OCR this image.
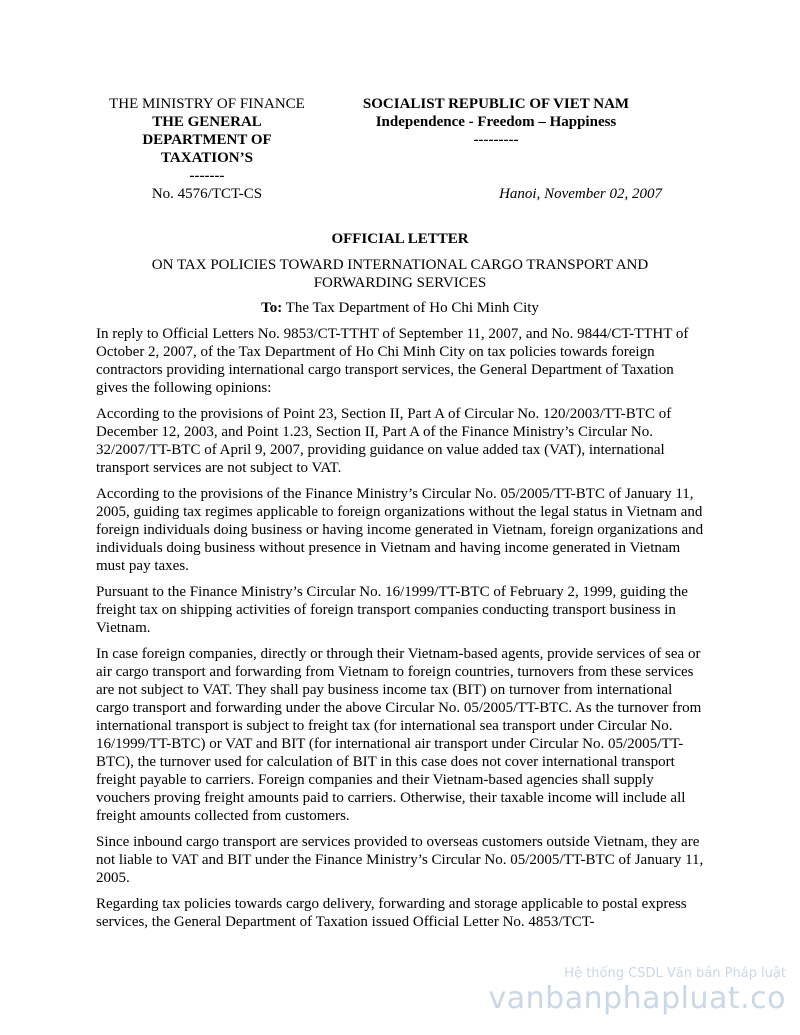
THE MINISTRY OF FINANCE
THE GENERAL
DEPARTMENT OF
TAXATION’S
-------
SOCIALIST REPUBLIC OF VIET NAM
Independence - Freedom – Happiness
---------
No. 4576/TCT-CS	Hanoi, November 02, 2007
OFFICIAL LETTER
ON TAX POLICIES TOWARD INTERNATIONAL CARGO TRANSPORT AND FORWARDING SERVICES
To: The Tax Department of Ho Chi Minh City

In reply to Official Letters No. 9853/CT-TTHT of September 11, 2007, and No. 9844/CT-TTHT of October 2, 2007, of the Tax Department of Ho Chi Minh City on tax policies towards foreign contractors providing international cargo transport services, the General Department of Taxation gives the following opinions:

According to the provisions of Point 23, Section II, Part A of Circular No. 120/2003/TT-BTC of December 12, 2003, and Point 1.23, Section II, Part A of the Finance Ministry’s Circular No. 32/2007/TT-BTC of April 9, 2007, providing guidance on value added tax (VAT), international transport services are not subject to VAT.

According to the provisions of the Finance Ministry’s Circular No. 05/2005/TT-BTC of January 11, 2005, guiding tax regimes applicable to foreign organizations without the legal status in Vietnam and foreign individuals doing business or having income generated in Vietnam, foreign organizations and individuals doing business without presence in Vietnam and having income generated in Vietnam must pay taxes.

Pursuant to the Finance Ministry’s Circular No. 16/1999/TT-BTC of February 2, 1999, guiding the freight tax on shipping activities of foreign transport companies conducting transport business in Vietnam.

In case foreign companies, directly or through their Vietnam-based agents, provide services of sea or air cargo transport and forwarding from Vietnam to foreign countries, turnovers from these services are not subject to VAT. They shall pay business income tax (BIT) on turnover from international cargo transport and forwarding under the above Circular No. 05/2005/TT-BTC. As the turnover from international transport is subject to freight tax (for international sea transport under Circular No. 16/1999/TT-BTC) or VAT and BIT (for international air transport under Circular No. 05/2005/TT-BTC), the turnover used for calculation of BIT in this case does not cover international transport freight payable to carriers. Foreign companies and their Vietnam-based agencies shall supply vouchers proving freight amounts paid to carriers. Otherwise, their taxable income will include all freight amounts collected from customers.

Since inbound cargo transport are services provided to overseas customers outside Vietnam, they are not liable to VAT and BIT under the Finance Ministry’s Circular No. 05/2005/TT-BTC of January 11, 2005.

Regarding tax policies towards cargo delivery, forwarding and storage applicable to postal express services, the General Department of Taxation issued Official Letter No. 4853/TCT-

Hệ thống CSDL Văn bản Pháp luật
vanbanphapluat.co
